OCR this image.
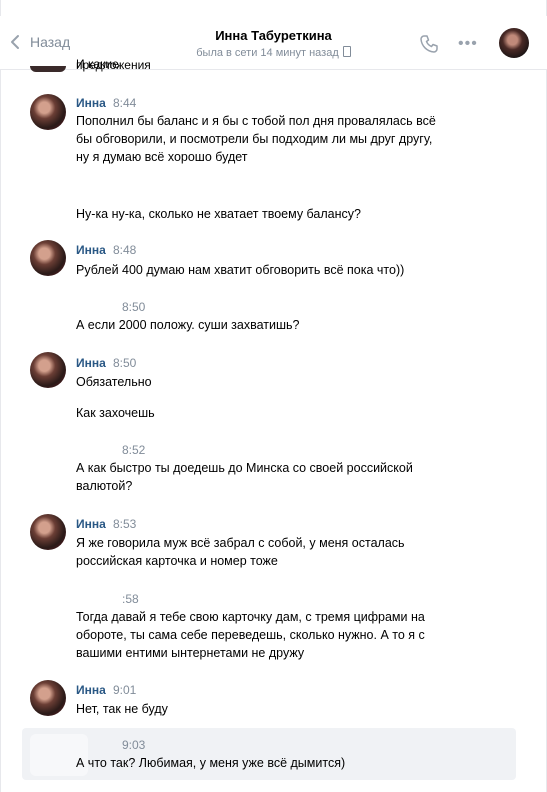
Назад	Инна Табуреткина
была в сети 14 минут назад
•••
И какие предложения
Инна 8:44
Пополнил бы баланс и я бы с тобой пол дня провалялась всё
бы обговорили, и посмотрели бы подходим ли мы друг другу,
ну я думаю всё хорошо будет
Ну-ка ну-ка, сколько не хватает твоему балансу?
Инна 8:48
Рублей 400 думаю нам хватит обговорить всё пока что))
8:50
А если 2000 положу. суши захватишь?
Инна 8:50
Обязательно
Как захочешь
8:52
А как быстро ты доедешь до Минска со своей российской
валютой?
Инна 8:53
Я же говорила муж всё забрал с собой, у меня осталась
российская карточка и номер тоже
:58
Тогда давай я тебе свою карточку дам, с тремя цифрами на
обороте, ты сама себе переведешь, сколько нужно. А то я с
вашими ентими ынтернетами не дружу
Инна 9:01
Нет, так не буду
9:03
А что так? Любимая, у меня уже всё дымится)
